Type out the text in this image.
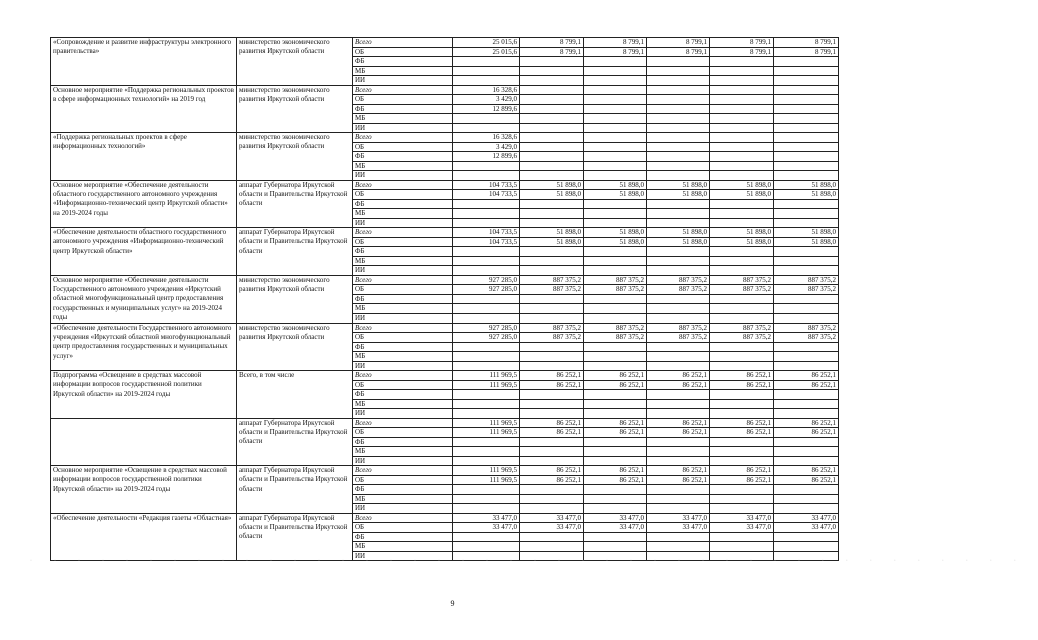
«Сопровождение и развитие инфраструктуры электронного правительства»	министерство экономического развития Иркутской области	Всего	25 015,6	8 799,1	8 799,1	8 799,1	8 799,1	8 799,1
		ОБ	25 015,6	8 799,1	8 799,1	8 799,1	8 799,1	8 799,1
		ФБ						
		МБ						
		ИИ						
Основное мероприятие «Поддержка региональных проектов в сфере информационных технологий» на 2019 год	министерство экономического развития Иркутской области	Всего	16 328,6					
		ОБ	3 429,0					
		ФБ	12 899,6					
		МБ						
		ИИ						
«Поддержка региональных проектов в сфере информационных технологий»	министерство экономического развития Иркутской области	Всего	16 328,6					
		ОБ	3 429,0					
		ФБ	12 899,6					
		МБ						
		ИИ						
Основное мероприятие «Обеспечение деятельности областного государственного автономного учреждения «Информационно-технический центр Иркутской области» на 2019-2024 годы	аппарат Губернатора Иркутской области и Правительства Иркутской области	Всего	104 733,5	51 898,0	51 898,0	51 898,0	51 898,0	51 898,0
		ОБ	104 733,5	51 898,0	51 898,0	51 898,0	51 898,0	51 898,0
		ФБ						
		МБ						
		ИИ						
«Обеспечение деятельности областного государственного автономного учреждения «Информационно-технический центр Иркутской области»	аппарат Губернатора Иркутской области и Правительства Иркутской области	Всего	104 733,5	51 898,0	51 898,0	51 898,0	51 898,0	51 898,0
		ОБ	104 733,5	51 898,0	51 898,0	51 898,0	51 898,0	51 898,0
		ФБ						
		МБ						
		ИИ						
Основное мероприятие «Обеспечение деятельности Государственного автономного учреждения «Иркутский областной многофункциональный центр предоставления государственных и муниципальных услуг» на 2019-2024 годы	министерство экономического развития Иркутской области	Всего	927 285,0	887 375,2	887 375,2	887 375,2	887 375,2	887 375,2
		ОБ	927 285,0	887 375,2	887 375,2	887 375,2	887 375,2	887 375,2
		ФБ						
		МБ						
		ИИ						
«Обеспечение деятельности Государственного автономного учреждения «Иркутский областной многофункциональный центр предоставления государственных и муниципальных услуг»	министерство экономического развития Иркутской области	Всего	927 285,0	887 375,2	887 375,2	887 375,2	887 375,2	887 375,2
		ОБ	927 285,0	887 375,2	887 375,2	887 375,2	887 375,2	887 375,2
		ФБ						
		МБ						
		ИИ						
Подпрограмма «Освещение в средствах массовой информации вопросов государственной политики Иркутской области» на 2019-2024 годы	Всего, в том числе	Всего	111 969,5	86 252,1	86 252,1	86 252,1	86 252,1	86 252,1
		ОБ	111 969,5	86 252,1	86 252,1	86 252,1	86 252,1	86 252,1
		ФБ						
		МБ						
		ИИ						
	аппарат Губернатора Иркутской области и Правительства Иркутской области	Всего	111 969,5	86 252,1	86 252,1	86 252,1	86 252,1	86 252,1
		ОБ	111 969,5	86 252,1	86 252,1	86 252,1	86 252,1	86 252,1
		ФБ						
		МБ						
		ИИ						
Основное мероприятие «Освещение в средствах массовой информации вопросов государственной политики Иркутской области» на 2019-2024 годы	аппарат Губернатора Иркутской области и Правительства Иркутской области	Всего	111 969,5	86 252,1	86 252,1	86 252,1	86 252,1	86 252,1
		ОБ	111 969,5	86 252,1	86 252,1	86 252,1	86 252,1	86 252,1
		ФБ						
		МБ						
		ИИ						
«Обеспечение деятельности «Редакция газеты «Областная»	аппарат Губернатора Иркутской области и Правительства Иркутской области	Всего	33 477,0	33 477,0	33 477,0	33 477,0	33 477,0	33 477,0
		ОБ	33 477,0	33 477,0	33 477,0	33 477,0	33 477,0	33 477,0
		ФБ						
		МБ						
		ИИ						
··········································
9
